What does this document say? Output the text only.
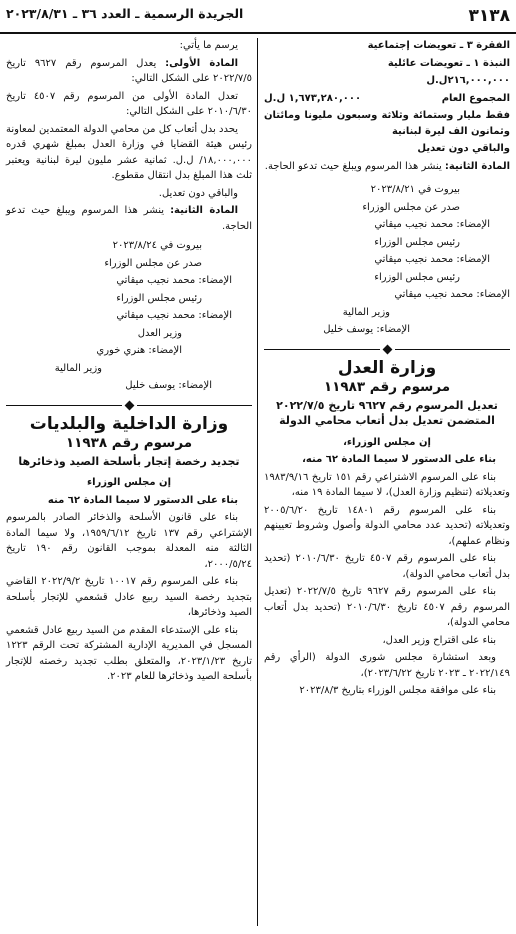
٣١٣٨
الجريدة الرسمية ـ العدد ٣٦ ـ ٢٠٢٣/٨/٣١

الفقرة ٣ ـ تعويضات إجتماعية

النبذة ١ ـ تعويضات عائلية

٢١٦,٠٠٠,٠٠٠ل.ل

المجموع العام
١,٦٧٣,٢٨٠,٠٠٠ ل.ل

فقط مليار وستمائة وثلاثة وسبعون مليونا ومائتان وثمانون الف ليرة لبنانية

والباقي دون تعديل

المادة الثانية: ينشر هذا المرسوم ويبلغ حيث تدعو الحاجة.

بيروت في ٢٠٢٣/٨/٢١

صدر عن مجلس الوزراء

الإمضاء: محمد نجيب ميقاتي

رئيس مجلس الوزراء

الإمضاء: محمد نجيب ميقاتي

رئيس مجلس الوزراء

الإمضاء: محمد نجيب ميقاتي

وزير المالية

الإمضاء: يوسف خليل

وزارة العدل

مرسوم رقم ١١٩٨٣

تعديل المرسوم رقم ٩٦٢٧ تاريخ ٢٠٢٢/٧/٥ المتضمن تعديل بدل أتعاب محامي الدولة

إن مجلس الوزراء،

بناء على الدستور لا سيما المادة ٦٢ منه،

بناء على المرسوم الاشتراعي رقم ١٥١ تاريخ ١٩٨٣/٩/١٦ وتعديلاته (تنظيم وزارة العدل)، لا سيما المادة ١٩ منه،

بناء على المرسوم رقم ١٤٨٠١ تاريخ ٢٠٠٥/٦/٢٠ وتعديلاته (تحديد عدد محامي الدولة وأصول وشروط تعيينهم ونظام عملهم)،

بناء على المرسوم رقم ٤٥٠٧ تاريخ ٢٠١٠/٦/٣٠ (تحديد بدل أتعاب محامي الدولة)،

بناء على المرسوم رقم ٩٦٢٧ تاريخ ٢٠٢٢/٧/٥ (تعديل المرسوم رقم ٤٥٠٧ تاريخ ٢٠١٠/٦/٣٠ (تحديد بدل أتعاب محامي الدولة)،

بناء على اقتراح وزير العدل،

وبعد استشارة مجلس شورى الدولة (الرأي رقم ٢٠٢٢/١٤٩ ـ ٢٠٢٣ تاريخ ٢٠٢٣/٦/٢٢)،

بناء على موافقة مجلس الوزراء بتاريخ ٢٠٢٣/٨/٣

يرسم ما يأتي:

المادة الأولى: يعدل المرسوم رقم ٩٦٢٧ تاريخ ٢٠٢٢/٧/٥ على الشكل التالي:

تعدل المادة الأولى من المرسوم رقم ٤٥٠٧ تاريخ ٢٠١٠/٦/٣٠ على الشكل التالي:

يحدد بدل أتعاب كل من محامي الدولة المعتمدين لمعاونة رئيس هيئة القضايا في وزارة العدل بمبلغ شهري قدره ١٨,٠٠٠,٠٠٠/ ل.ل. ثمانية عشر مليون ليرة لبنانية ويعتبر ثلث هذا المبلغ بدل انتقال مقطوع.

والباقي دون تعديل.

المادة الثانية: ينشر هذا المرسوم ويبلغ حيث تدعو الحاجة.

بيروت في ٢٠٢٣/٨/٢٤

صدر عن مجلس الوزراء

الإمضاء: محمد نجيب ميقاتي

رئيس مجلس الوزراء

الإمضاء: محمد نجيب ميقاتي

وزير العدل

الإمضاء: هنري خوري

وزير المالية

الإمضاء: يوسف خليل

وزارة الداخلية والبلديات

مرسوم رقم ١١٩٣٨

تجديد رخصة إتجار بأسلحة الصيد وذخائرها

إن مجلس الوزراء

بناء على الدستور لا سيما المادة ٦٢ منه

بناء على قانون الأسلحة والذخائر الصادر بالمرسوم الإشتراعي رقم ١٣٧ تاريخ ١٩٥٩/٦/١٢، ولا سيما المادة الثالثة منه المعدلة بموجب القانون رقم ١٩٠ تاريخ ٢٠٠٠/٥/٢٤،

بناء على المرسوم رقم ١٠٠١٧ تاريخ ٢٠٢٢/٩/٢ القاضي بتجديد رخصة السيد ربيع عادل قشعمي للإتجار بأسلحة الصيد وذخائرها،

بناء على الإستدعاء المقدم من السيد ربيع عادل قشعمي المسجل في المديرية الإدارية المشتركة تحت الرقم ١٢٢٣ تاريخ ٢٠٢٣/١/٢٣، والمتعلق بطلب تجديد رخصته للإتجار بأسلحة الصيد وذخائرها للعام ٢٠٢٣.
